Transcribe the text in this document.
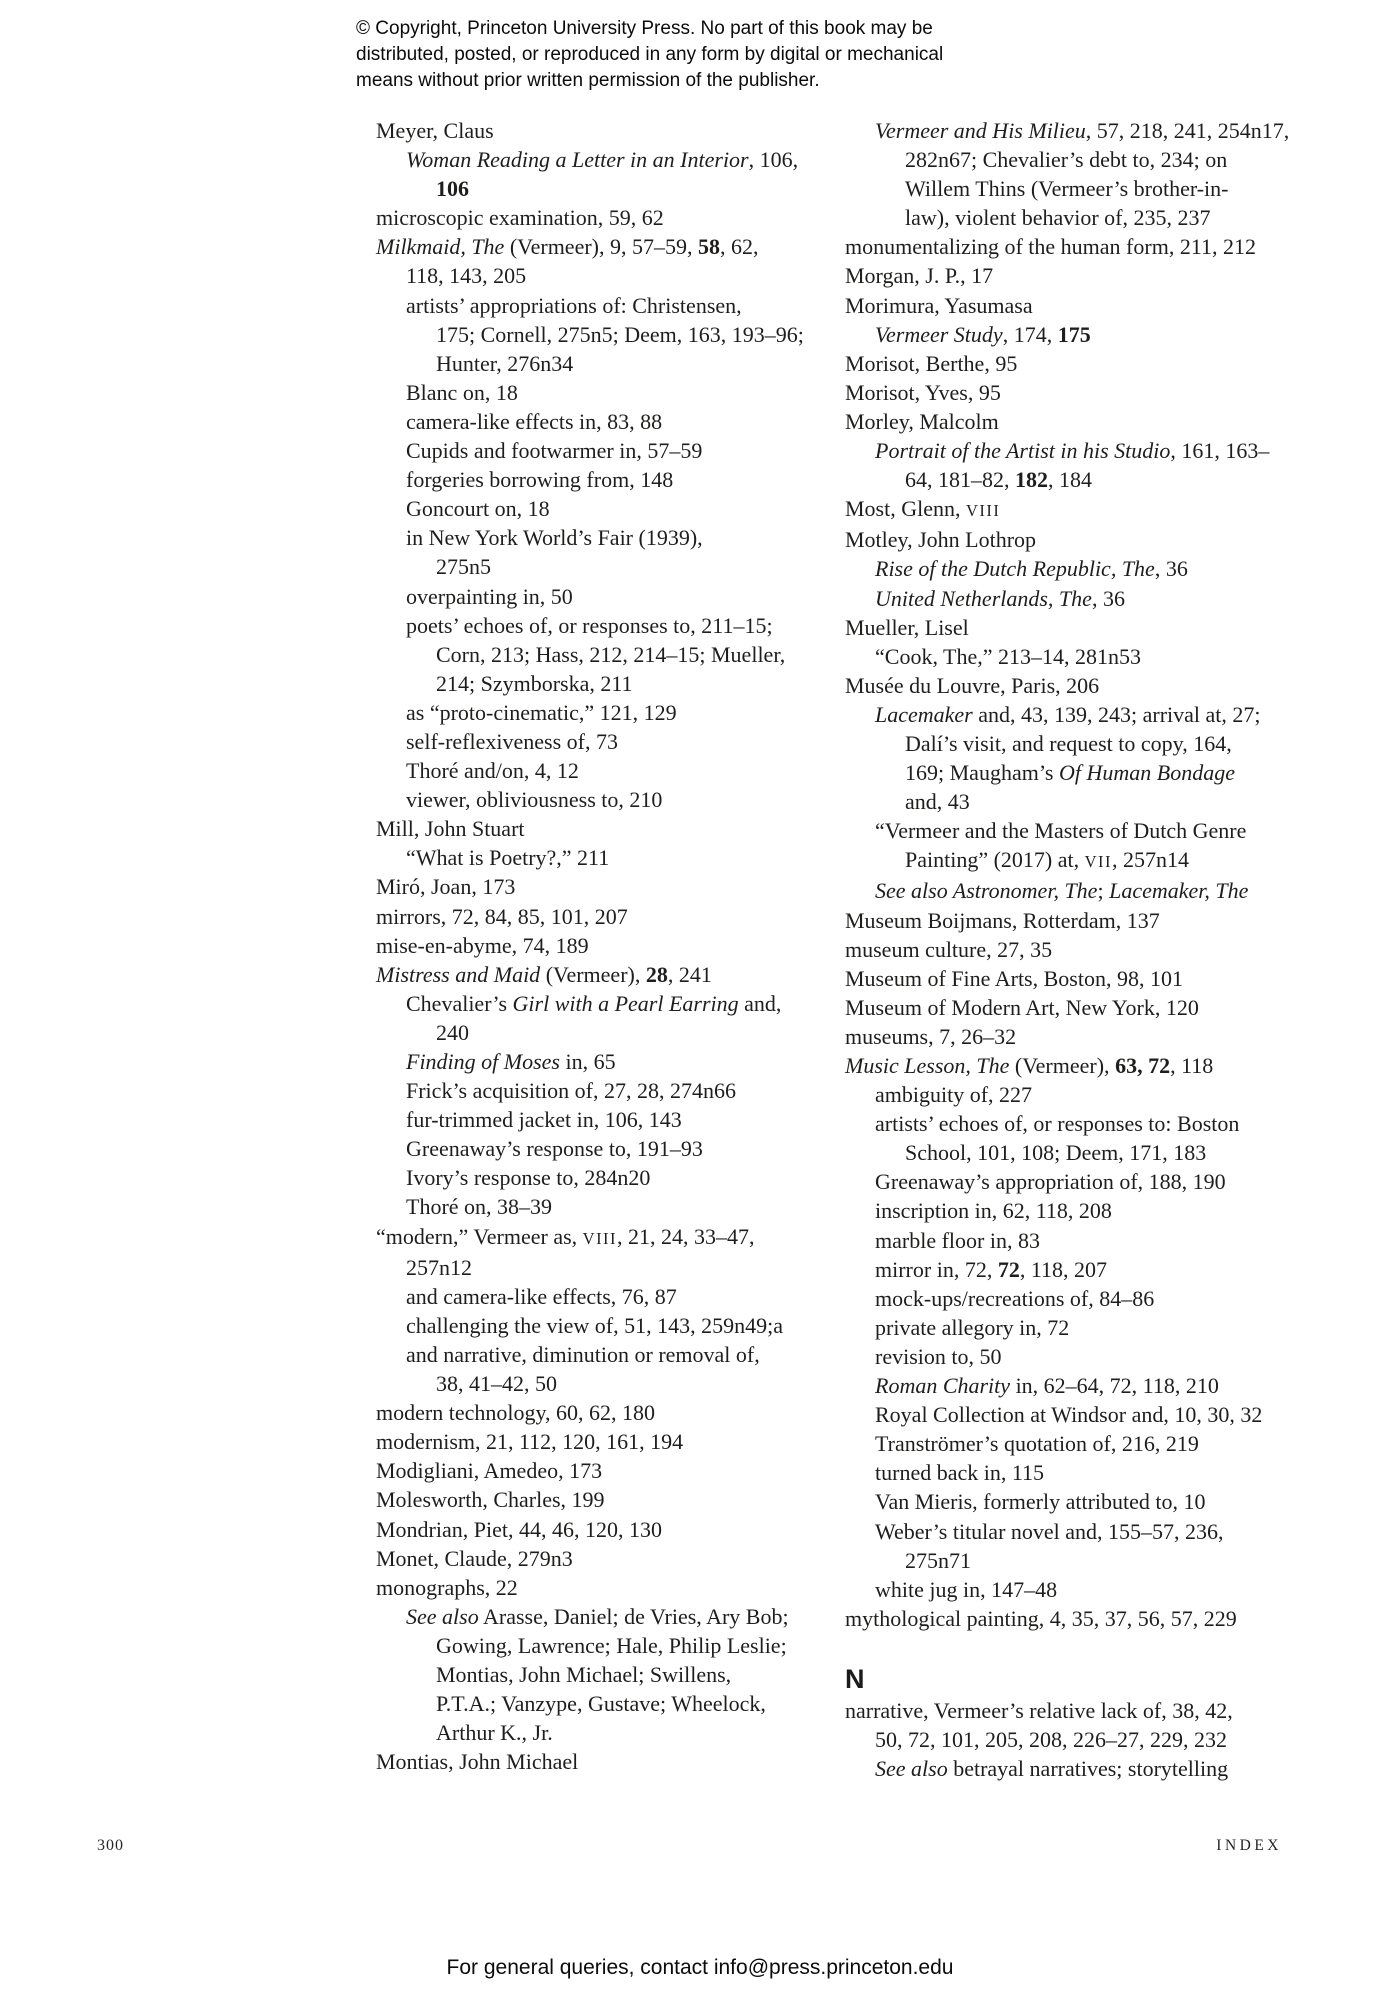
© Copyright, Princeton University Press. No part of this book may be
distributed, posted, or reproduced in any form by digital or mechanical
means without prior written permission of the publisher.
Meyer, Claus
Woman Reading a Letter in an Interior, 106,
106
microscopic examination, 59, 62
Milkmaid, The (Vermeer), 9, 57–59, 58, 62,
118, 143, 205
artists’ appropriations of: Christensen,
175; Cornell, 275n5; Deem, 163, 193–96;
Hunter, 276n34
Blanc on, 18
camera-like effects in, 83, 88
Cupids and footwarmer in, 57–59
forgeries borrowing from, 148
Goncourt on, 18
in New York World’s Fair (1939),
275n5
overpainting in, 50
poets’ echoes of, or responses to, 211–15;
Corn, 213; Hass, 212, 214–15; Mueller,
214; Szymborska, 211
as “proto-cinematic,” 121, 129
self-reflexiveness of, 73
Thoré and/on, 4, 12
viewer, obliviousness to, 210
Mill, John Stuart
“What is Poetry?,” 211
Miró, Joan, 173
mirrors, 72, 84, 85, 101, 207
mise-en-abyme, 74, 189
Mistress and Maid (Vermeer), 28, 241
Chevalier’s Girl with a Pearl Earring and,
240
Finding of Moses in, 65
Frick’s acquisition of, 27, 28, 274n66
fur-trimmed jacket in, 106, 143
Greenaway’s response to, 191–93
Ivory’s response to, 284n20
Thoré on, 38–39
“modern,” Vermeer as, VIII, 21, 24, 33–47,
257n12
and camera-like effects, 76, 87
challenging the view of, 51, 143, 259n49;a
and narrative, diminution or removal of,
38, 41–42, 50
modern technology, 60, 62, 180
modernism, 21, 112, 120, 161, 194
Modigliani, Amedeo, 173
Molesworth, Charles, 199
Mondrian, Piet, 44, 46, 120, 130
Monet, Claude, 279n3
monographs, 22
See also Arasse, Daniel; de Vries, Ary Bob;
Gowing, Lawrence; Hale, Philip Leslie;
Montias, John Michael; Swillens,
P.T.A.; Vanzype, Gustave; Wheelock,
Arthur K., Jr.
Montias, John Michael
Vermeer and His Milieu, 57, 218, 241, 254n17,
282n67; Chevalier’s debt to, 234; on
Willem Thins (Vermeer’s brother-in-
law), violent behavior of, 235, 237
monumentalizing of the human form, 211, 212
Morgan, J. P., 17
Morimura, Yasumasa
Vermeer Study, 174, 175
Morisot, Berthe, 95
Morisot, Yves, 95
Morley, Malcolm
Portrait of the Artist in his Studio, 161, 163–
64, 181–82, 182, 184
Most, Glenn, VIII
Motley, John Lothrop
Rise of the Dutch Republic, The, 36
United Netherlands, The, 36
Mueller, Lisel
“Cook, The,” 213–14, 281n53
Musée du Louvre, Paris, 206
Lacemaker and, 43, 139, 243; arrival at, 27;
Dalí’s visit, and request to copy, 164,
169; Maugham’s Of Human Bondage
and, 43
“Vermeer and the Masters of Dutch Genre
Painting” (2017) at, VII, 257n14
See also Astronomer, The; Lacemaker, The
Museum Boijmans, Rotterdam, 137
museum culture, 27, 35
Museum of Fine Arts, Boston, 98, 101
Museum of Modern Art, New York, 120
museums, 7, 26–32
Music Lesson, The (Vermeer), 63, 72, 118
ambiguity of, 227
artists’ echoes of, or responses to: Boston
School, 101, 108; Deem, 171, 183
Greenaway’s appropriation of, 188, 190
inscription in, 62, 118, 208
marble floor in, 83
mirror in, 72, 72, 118, 207
mock-ups/recreations of, 84–86
private allegory in, 72
revision to, 50
Roman Charity in, 62–64, 72, 118, 210
Royal Collection at Windsor and, 10, 30, 32
Tranströmer’s quotation of, 216, 219
turned back in, 115
Van Mieris, formerly attributed to, 10
Weber’s titular novel and, 155–57, 236,
275n71
white jug in, 147–48
mythological painting, 4, 35, 37, 56, 57, 229
N
narrative, Vermeer’s relative lack of, 38, 42,
50, 72, 101, 205, 208, 226–27, 229, 232
See also betrayal narratives; storytelling
300	INDEX
For general queries, contact info@press.princeton.edu
